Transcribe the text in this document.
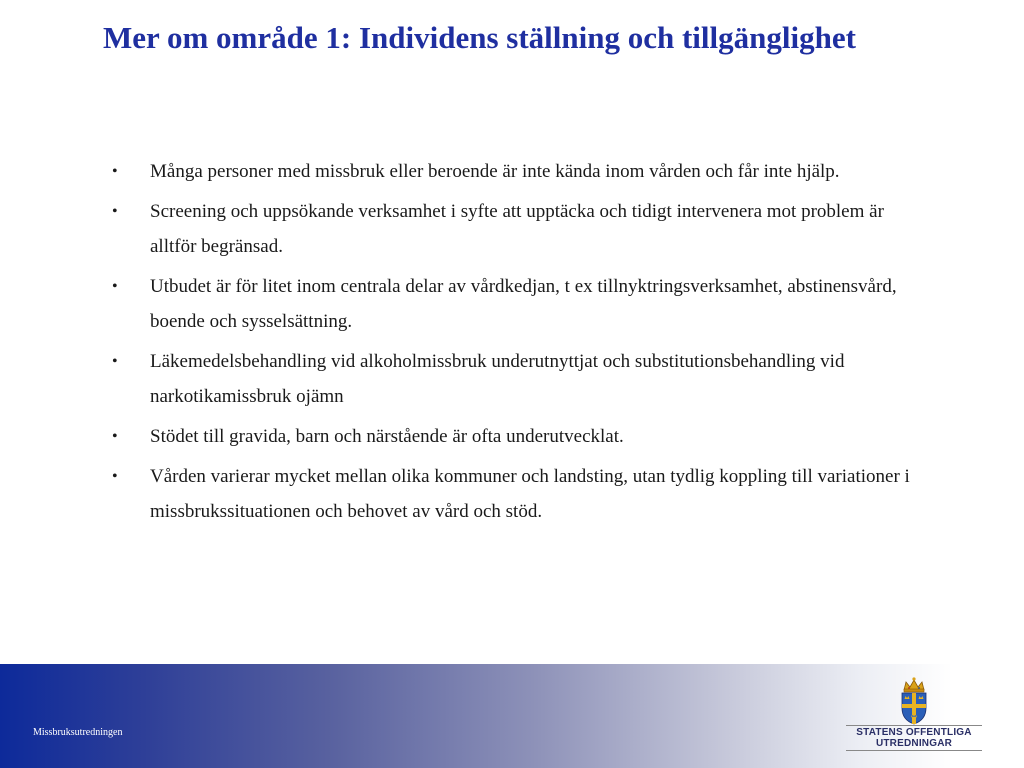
Mer om område 1: Individens ställning och tillgänglighet
•	Många personer med missbruk eller beroende är inte kända inom vården och får inte hjälp.
•	Screening och uppsökande verksamhet i syfte att upptäcka och tidigt intervenera mot problem är alltför begränsad.
•	Utbudet är för litet inom centrala delar av vårdkedjan, t ex tillnyktringsverksamhet, abstinensvård, boende och sysselsättning.
•	Läkemedelsbehandling vid alkoholmissbruk underutnyttjat och substitutionsbehandling vid narkotikamissbruk ojämn
•	Stödet till gravida, barn och närstående är ofta underutvecklat.
•	Vården varierar mycket mellan olika kommuner och landsting, utan tydlig koppling till variationer i missbrukssituationen och behovet av vård och stöd.
Missbruksutredningen	STATENS OFFENTLIGA
UTREDNINGAR
